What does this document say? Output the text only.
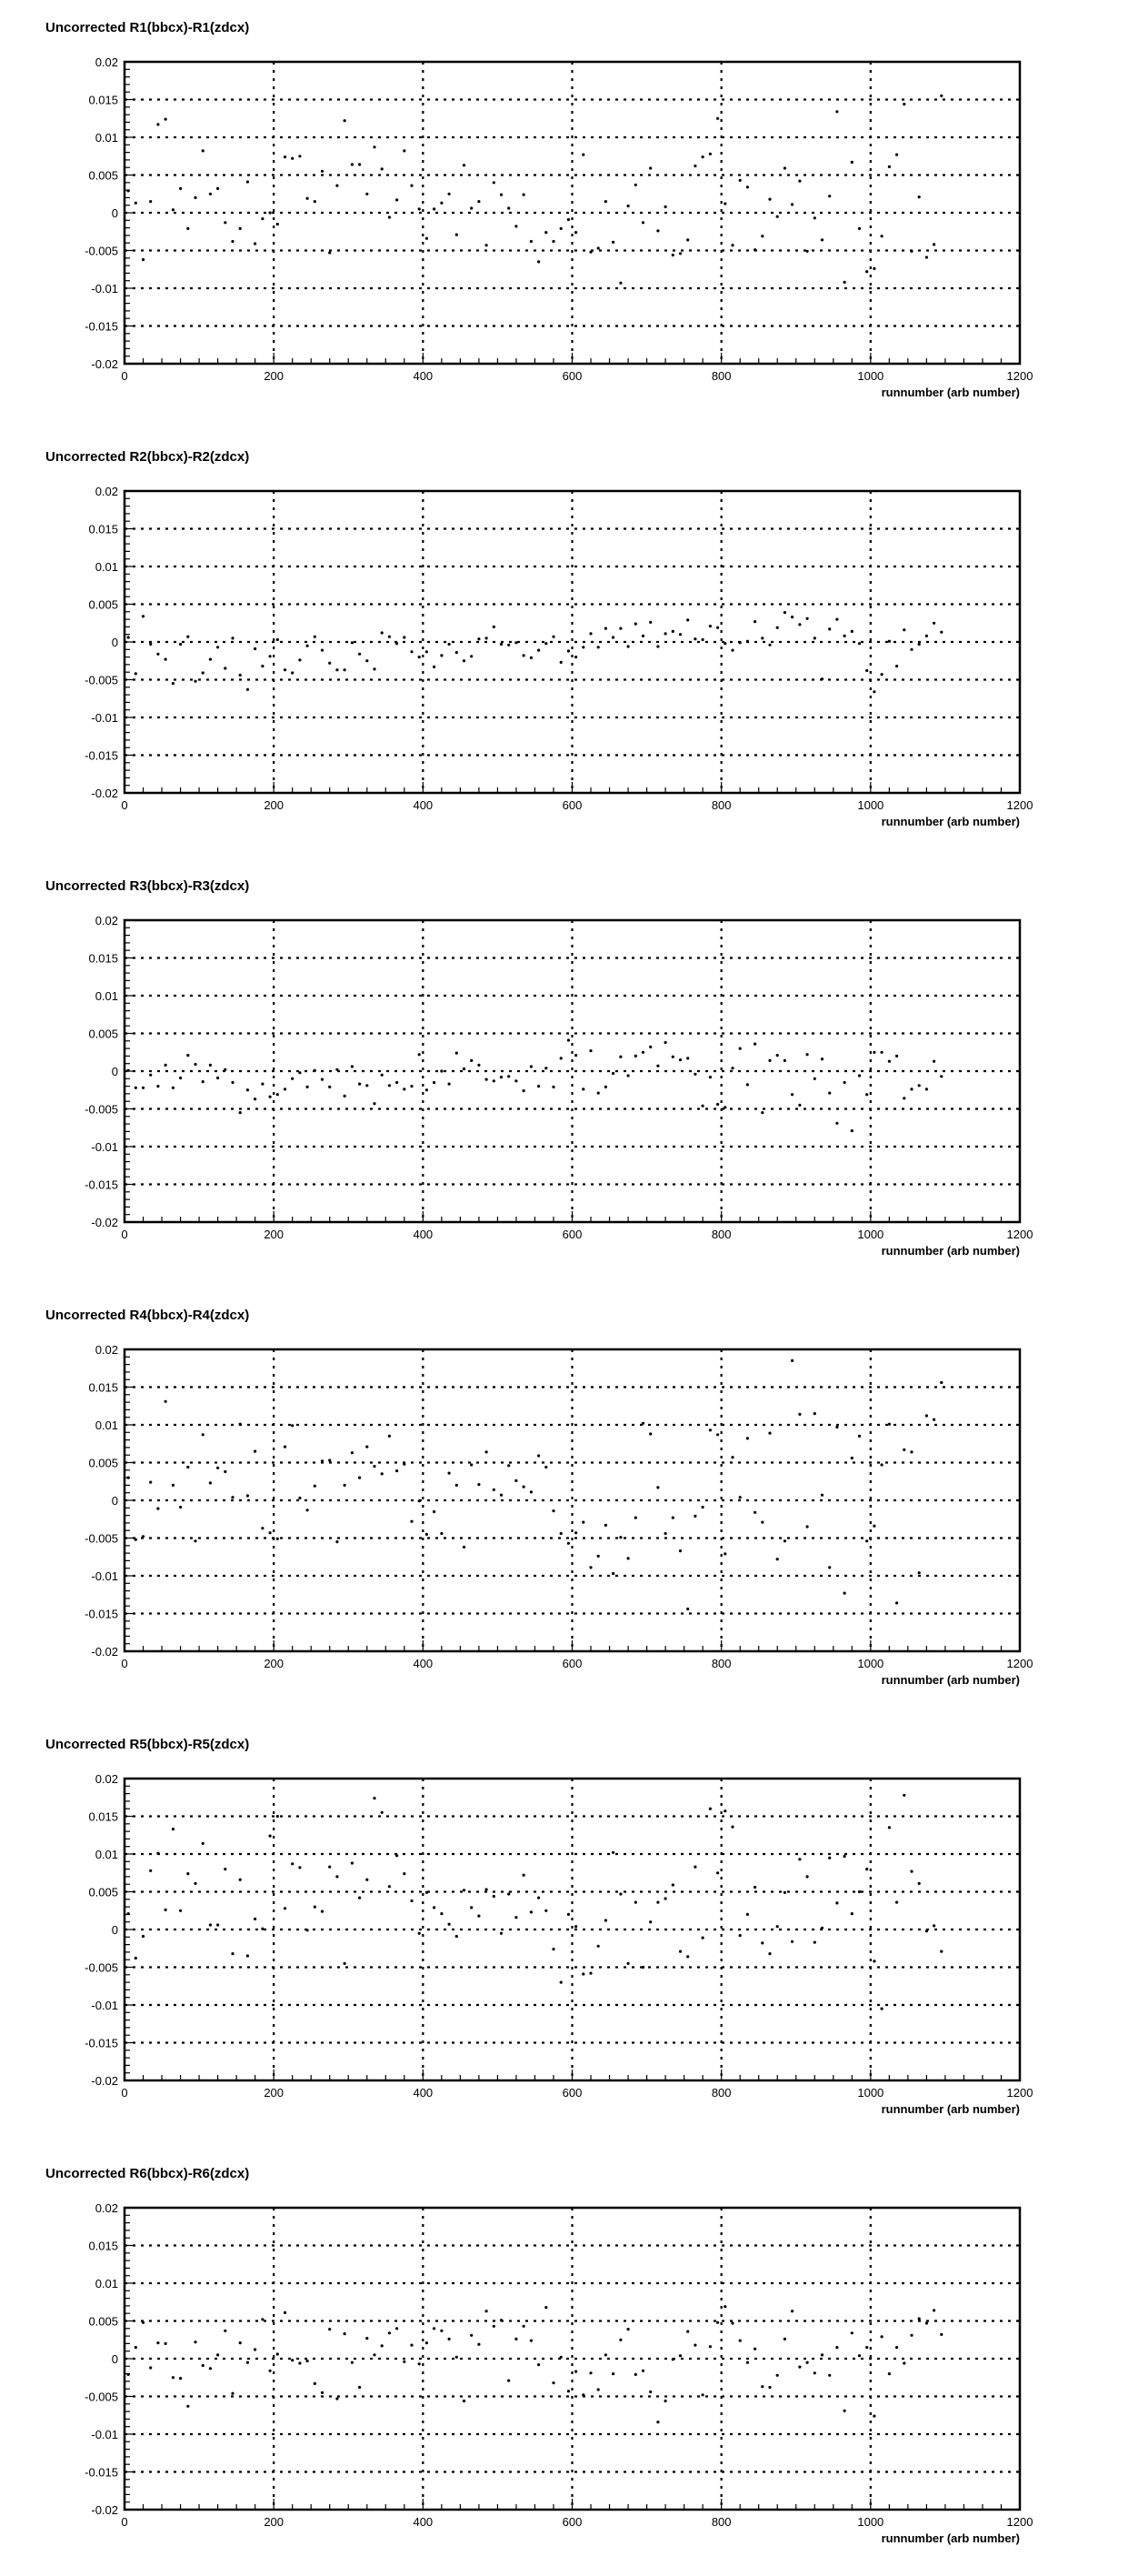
Uncorrected R1(bbcx)-R1(zdcx)
0.02
0.015
0.01
0.005
0
-0.005
-0.01
-0.015
-0.02
0	200	400	600	800	1000	1200
runnumber (arb number)
Uncorrected R2(bbcx)-R2(zdcx)
0.02
0.015
0.01
0.005
0
-0.005
-0.01
-0.015
-0.02
0	200	400	600	800	1000	1200
runnumber (arb number)
Uncorrected R3(bbcx)-R3(zdcx)
0.02
0.015
0.01
0.005
0
-0.005
-0.01
-0.015
-0.02
0	200	400	600	800	1000	1200
runnumber (arb number)
Uncorrected R4(bbcx)-R4(zdcx)
0.02
0.015
0.01
0.005
0
-0.005
-0.01
-0.015
-0.02
0	200	400	600	800	1000	1200
runnumber (arb number)
Uncorrected R5(bbcx)-R5(zdcx)
0.02
0.015
0.01
0.005
0
-0.005
-0.01
-0.015
-0.02
0	200	400	600	800	1000	1200
runnumber (arb number)
Uncorrected R6(bbcx)-R6(zdcx)
0.02
0.015
0.01
0.005
0
-0.005
-0.01
-0.015
-0.02
0	200	400	600	800	1000	1200
runnumber (arb number)
